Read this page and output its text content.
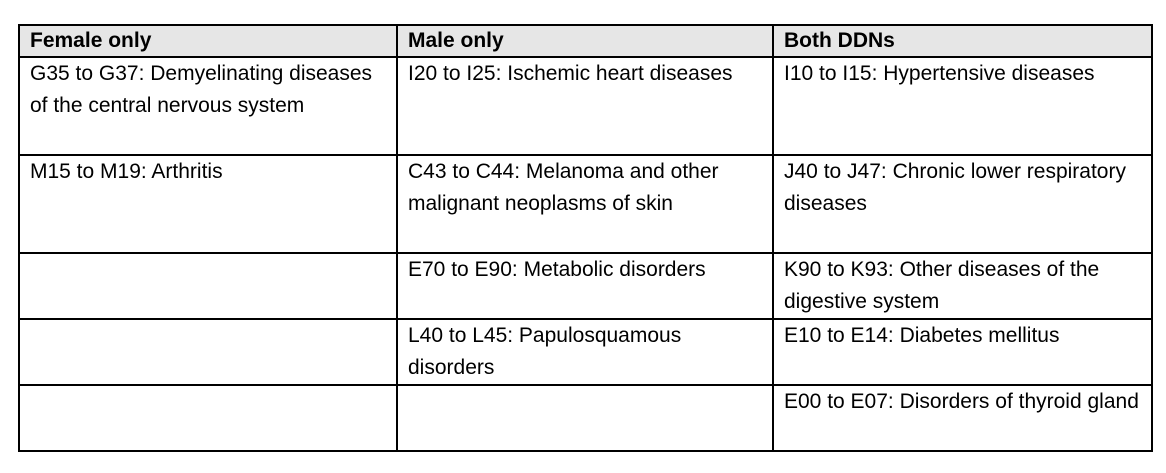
Female only	Male only	Both DDNs
G35 to G37: Demyelinating diseases of the central nervous system	I20 to I25: Ischemic heart diseases	I10 to I15: Hypertensive diseases
M15 to M19: Arthritis	C43 to C44: Melanoma and other malignant neoplasms of skin	J40 to J47: Chronic lower respiratory diseases
	E70 to E90: Metabolic disorders	K90 to K93: Other diseases of the digestive system
	L40 to L45: Papulosquamous disorders	E10 to E14: Diabetes mellitus
		E00 to E07: Disorders of thyroid gland
